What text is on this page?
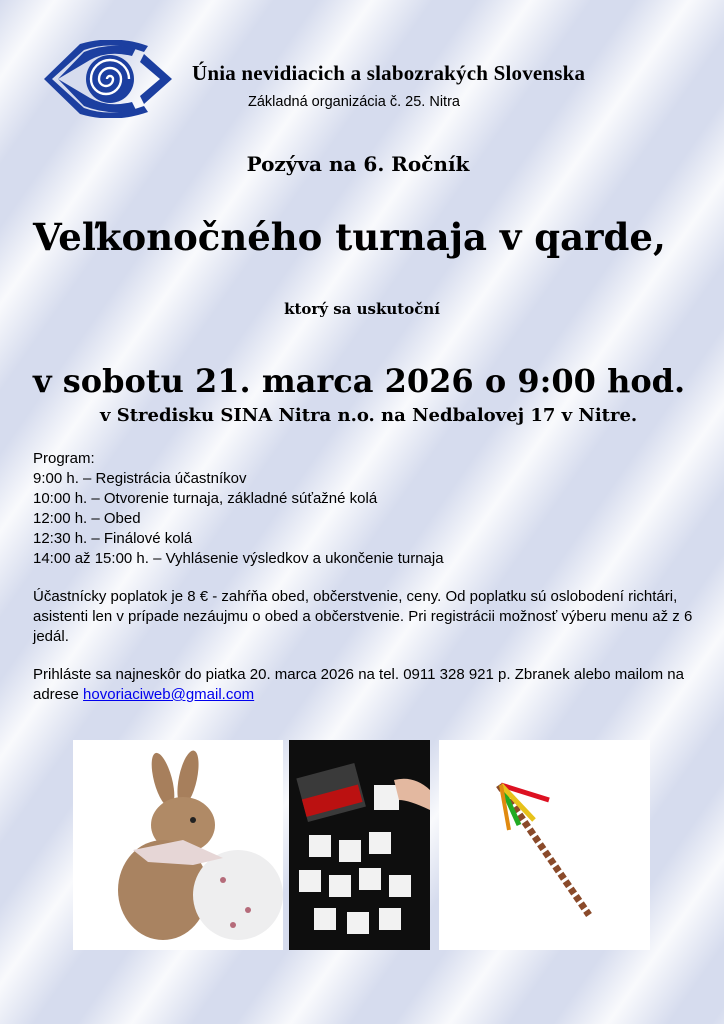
Únia nevidiacich a slabozrakých Slovenska
Základná organizácia č. 25. Nitra
Pozýva na 6. Ročník
Veľkonočného turnaja v qarde,
ktorý sa uskutoční
v sobotu 21. marca 2026 o 9:00 hod.
v Stredisku SINA Nitra n.o. na Nedbalovej 17 v Nitre.
Program:
9:00 h. – Registrácia účastníkov
10:00 h. – Otvorenie turnaja, základné súťažné kolá
12:00 h. – Obed
12:30 h. – Finálové kolá
14:00 až 15:00 h. – Vyhlásenie výsledkov a ukončenie turnaja
Účastnícky poplatok je 8 € - zahŕňa obed, občerstvenie, ceny. Od poplatku sú oslobodení richtári, asistenti len v prípade nezáujmu o obed a občerstvenie. Pri registrácii možnosť výberu menu až z 6 jedál.
Prihláste sa najneskôr do piatka 20. marca 2026 na tel. 0911 328 921 p. Zbranek alebo mailom na adrese hovoriaciweb@gmail.com
